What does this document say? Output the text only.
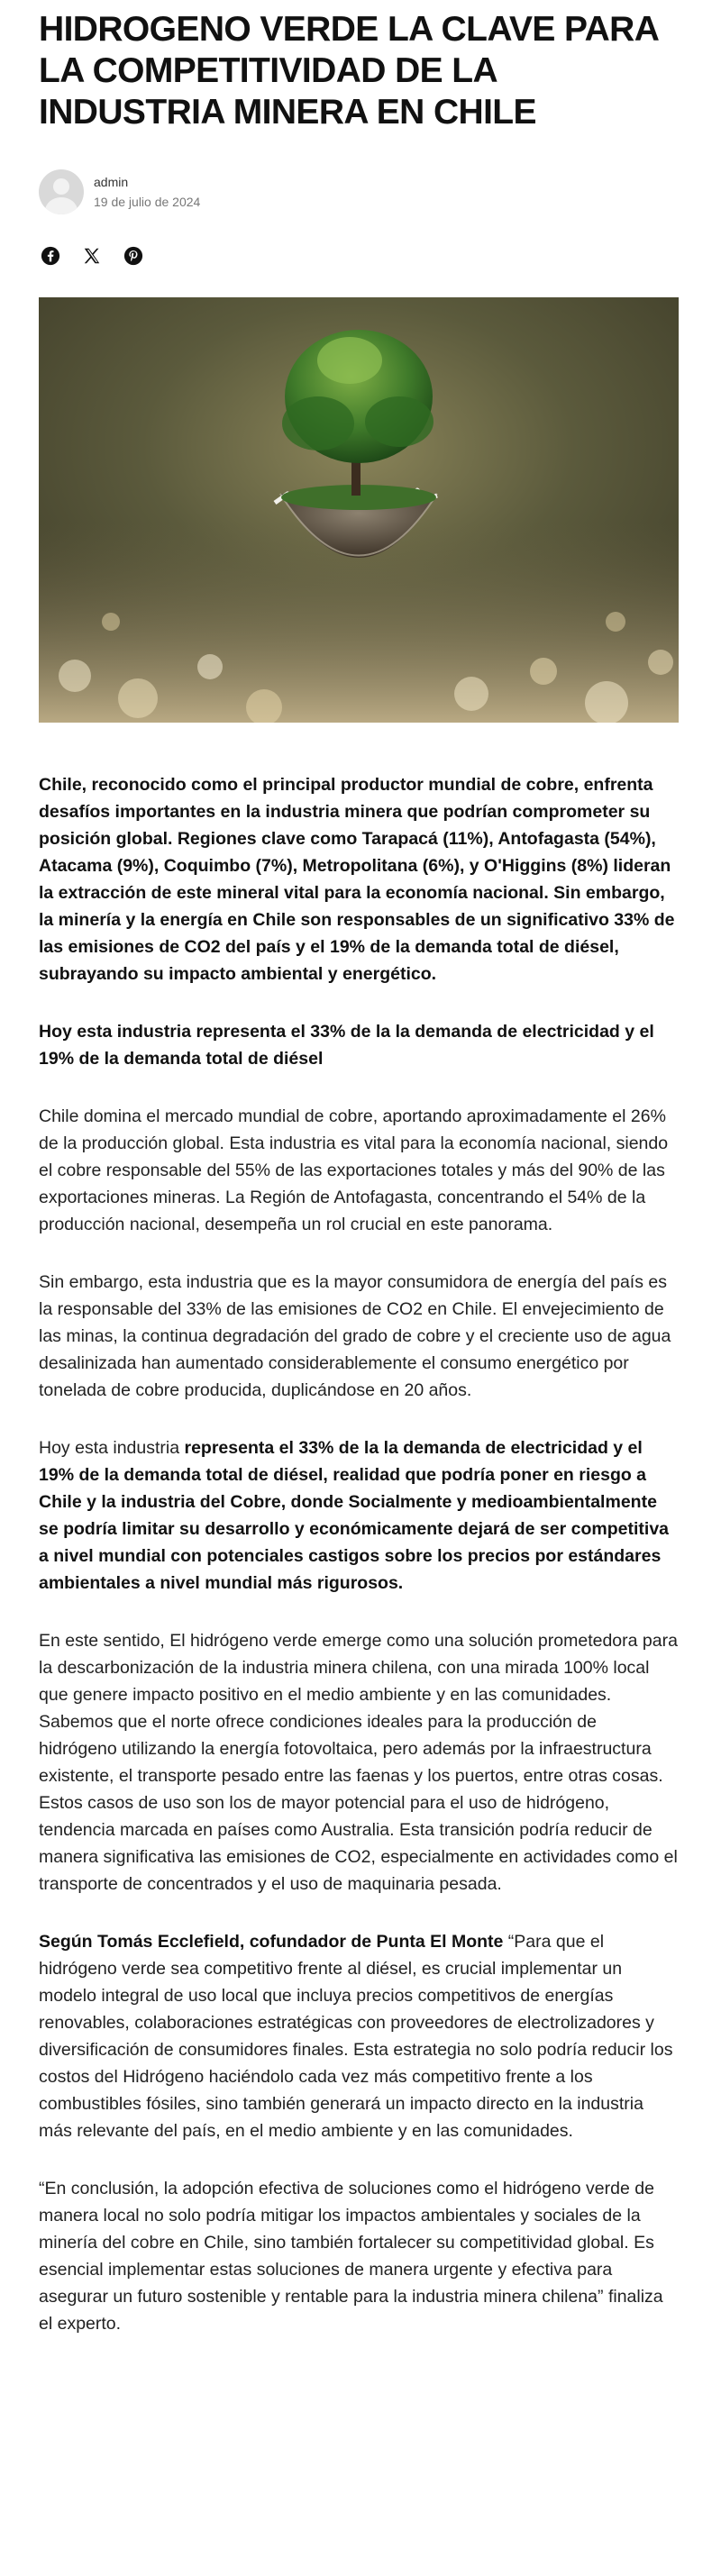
HIDROGENO VERDE LA CLAVE PARA LA COMPETITIVIDAD DE LA INDUSTRIA MINERA EN CHILE
admin
19 de julio de 2024

Chile, reconocido como el principal productor mundial de cobre, enfrenta desafíos importantes en la industria minera que podrían comprometer su posición global. Regiones clave como Tarapacá (11%), Antofagasta (54%), Atacama (9%), Coquimbo (7%), Metropolitana (6%), y O'Higgins (8%) lideran la extracción de este mineral vital para la economía nacional. Sin embargo, la minería y la energía en Chile son responsables de un significativo 33% de las emisiones de CO2 del país y el 19% de la demanda total de diésel, subrayando su impacto ambiental y energético.

Hoy esta industria representa el 33% de la la demanda de electricidad y el 19% de la demanda total de diésel

Chile domina el mercado mundial de cobre, aportando aproximadamente el 26% de la producción global. Esta industria es vital para la economía nacional, siendo el cobre responsable del 55% de las exportaciones totales y más del 90% de las exportaciones mineras. La Región de Antofagasta, concentrando el 54% de la producción nacional, desempeña un rol crucial en este panorama.

Sin embargo, esta industria que es la mayor consumidora de energía del país es la responsable del 33% de las emisiones de CO2 en Chile. El envejecimiento de las minas, la continua degradación del grado de cobre y el creciente uso de agua desalinizada han aumentado considerablemente el consumo energético por tonelada de cobre producida, duplicándose en 20 años.

Hoy esta industria representa el 33% de la la demanda de electricidad y el 19% de la demanda total de diésel, realidad que podría poner en riesgo a Chile y la industria del Cobre, donde Socialmente y medioambientalmente se podría limitar su desarrollo y económicamente dejará de ser competitiva a nivel mundial con potenciales castigos sobre los precios por estándares ambientales a nivel mundial más rigurosos.

En este sentido, El hidrógeno verde emerge como una solución prometedora para la descarbonización de la industria minera chilena, con una mirada 100% local que genere impacto positivo en el medio ambiente y en las comunidades. Sabemos que el norte ofrece condiciones ideales para la producción de hidrógeno utilizando la energía fotovoltaica, pero además por la infraestructura existente, el transporte pesado entre las faenas y los puertos, entre otras cosas. Estos casos de uso son los de mayor potencial para el uso de hidrógeno, tendencia marcada en países como Australia. Esta transición podría reducir de manera significativa las emisiones de CO2, especialmente en actividades como el transporte de concentrados y el uso de maquinaria pesada.

Según Tomás Ecclefield, cofundador de Punta El Monte “Para que el hidrógeno verde sea competitivo frente al diésel, es crucial implementar un modelo integral de uso local que incluya precios competitivos de energías renovables, colaboraciones estratégicas con proveedores de electrolizadores y diversificación de consumidores finales. Esta estrategia no solo podría reducir los costos del Hidrógeno haciéndolo cada vez más competitivo frente a los combustibles fósiles, sino también generará un impacto directo en la industria más relevante del país, en el medio ambiente y en las comunidades.

“En conclusión, la adopción efectiva de soluciones como el hidrógeno verde de manera local no solo podría mitigar los impactos ambientales y sociales de la minería del cobre en Chile, sino también fortalecer su competitividad global. Es esencial implementar estas soluciones de manera urgente y efectiva para asegurar un futuro sostenible y rentable para la industria minera chilena” finaliza el experto.
